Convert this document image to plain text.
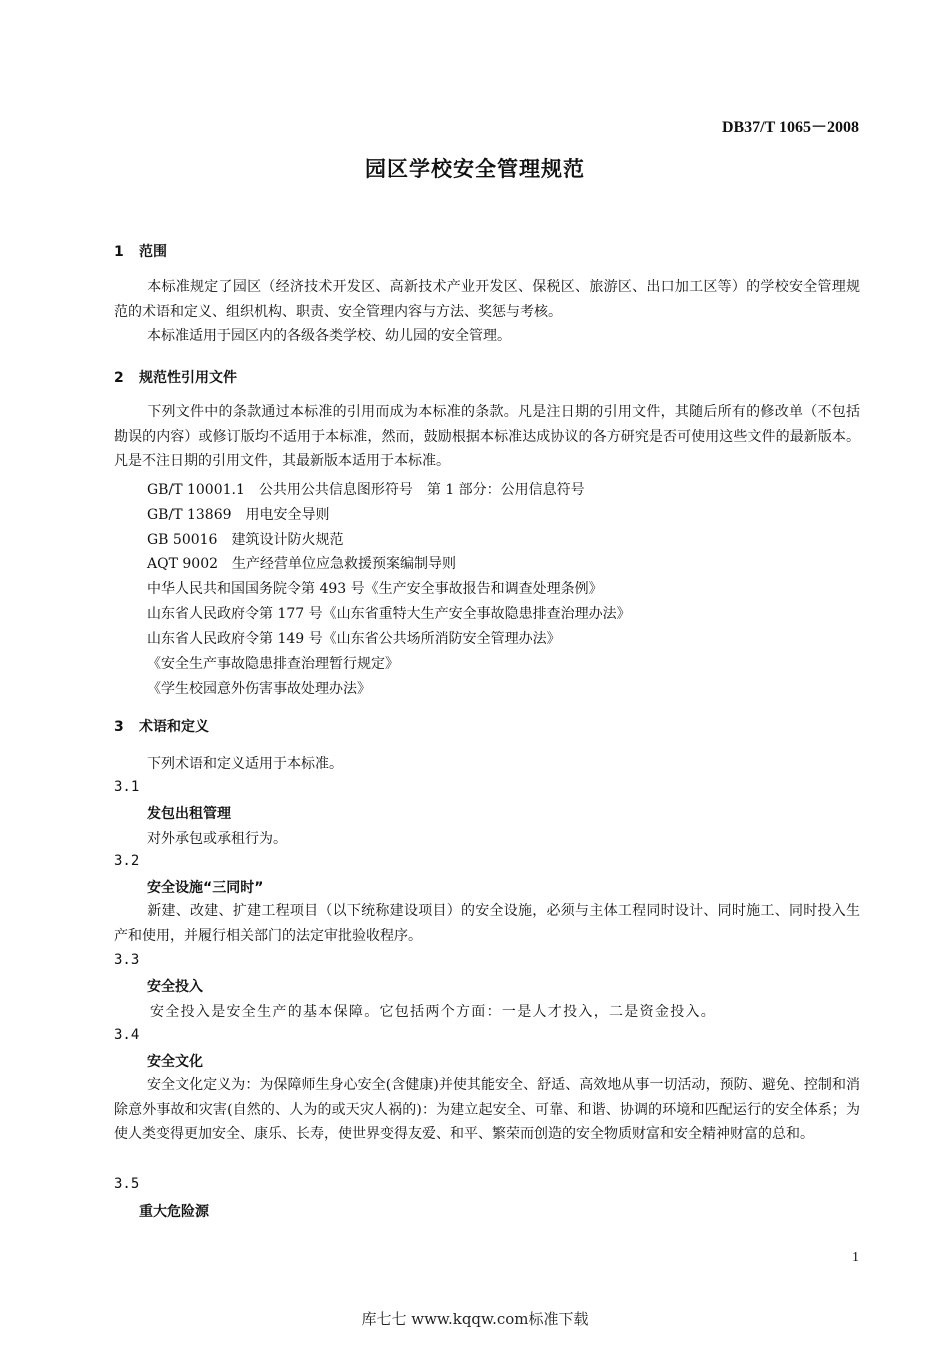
DB37/T 1065－2008
园区学校安全管理规范
1 范围
本标准规定了园区（经济技术开发区、高新技术产业开发区、保税区、旅游区、出口加工区等）的学校安全管理规范的术语和定义、组织机构、职责、安全管理内容与方法、奖惩与考核。
本标准适用于园区内的各级各类学校、幼儿园的安全管理。
2 规范性引用文件
下列文件中的条款通过本标准的引用而成为本标准的条款。凡是注日期的引用文件，其随后所有的修改单（不包括勘误的内容）或修订版均不适用于本标准，然而，鼓励根据本标准达成协议的各方研究是否可使用这些文件的最新版本。凡是不注日期的引用文件，其最新版本适用于本标准。
GB/T 10001.1　公共用公共信息图形符号　第 1 部分：公用信息符号
GB/T 13869　用电安全导则
GB 50016　建筑设计防火规范
AQT 9002　生产经营单位应急救援预案编制导则
中华人民共和国国务院令第 493 号《生产安全事故报告和调查处理条例》
山东省人民政府令第 177 号《山东省重特大生产安全事故隐患排查治理办法》
山东省人民政府令第 149 号《山东省公共场所消防安全管理办法》
《安全生产事故隐患排查治理暂行规定》
《学生校园意外伤害事故处理办法》
3 术语和定义
下列术语和定义适用于本标准。
3.1
发包出租管理
对外承包或承租行为。
3.2
安全设施“三同时”
新建、改建、扩建工程项目（以下统称建设项目）的安全设施，必须与主体工程同时设计、同时施工、同时投入生产和使用，并履行相关部门的法定审批验收程序。
3.3
安全投入
安全投入是安全生产的基本保障。它包括两个方面：一是人才投入，二是资金投入。
3.4
安全文化
安全文化定义为：为保障师生身心安全(含健康)并使其能安全、舒适、高效地从事一切活动，预防、避免、控制和消除意外事故和灾害(自然的、人为的或天灾人祸的)：为建立起安全、可靠、和谐、协调的环境和匹配运行的安全体系；为使人类变得更加安全、康乐、长寿，使世界变得友爱、和平、繁荣而创造的安全物质财富和安全精神财富的总和。
3.5
重大危险源
1
库七七 www.kqqw.com标准下载
